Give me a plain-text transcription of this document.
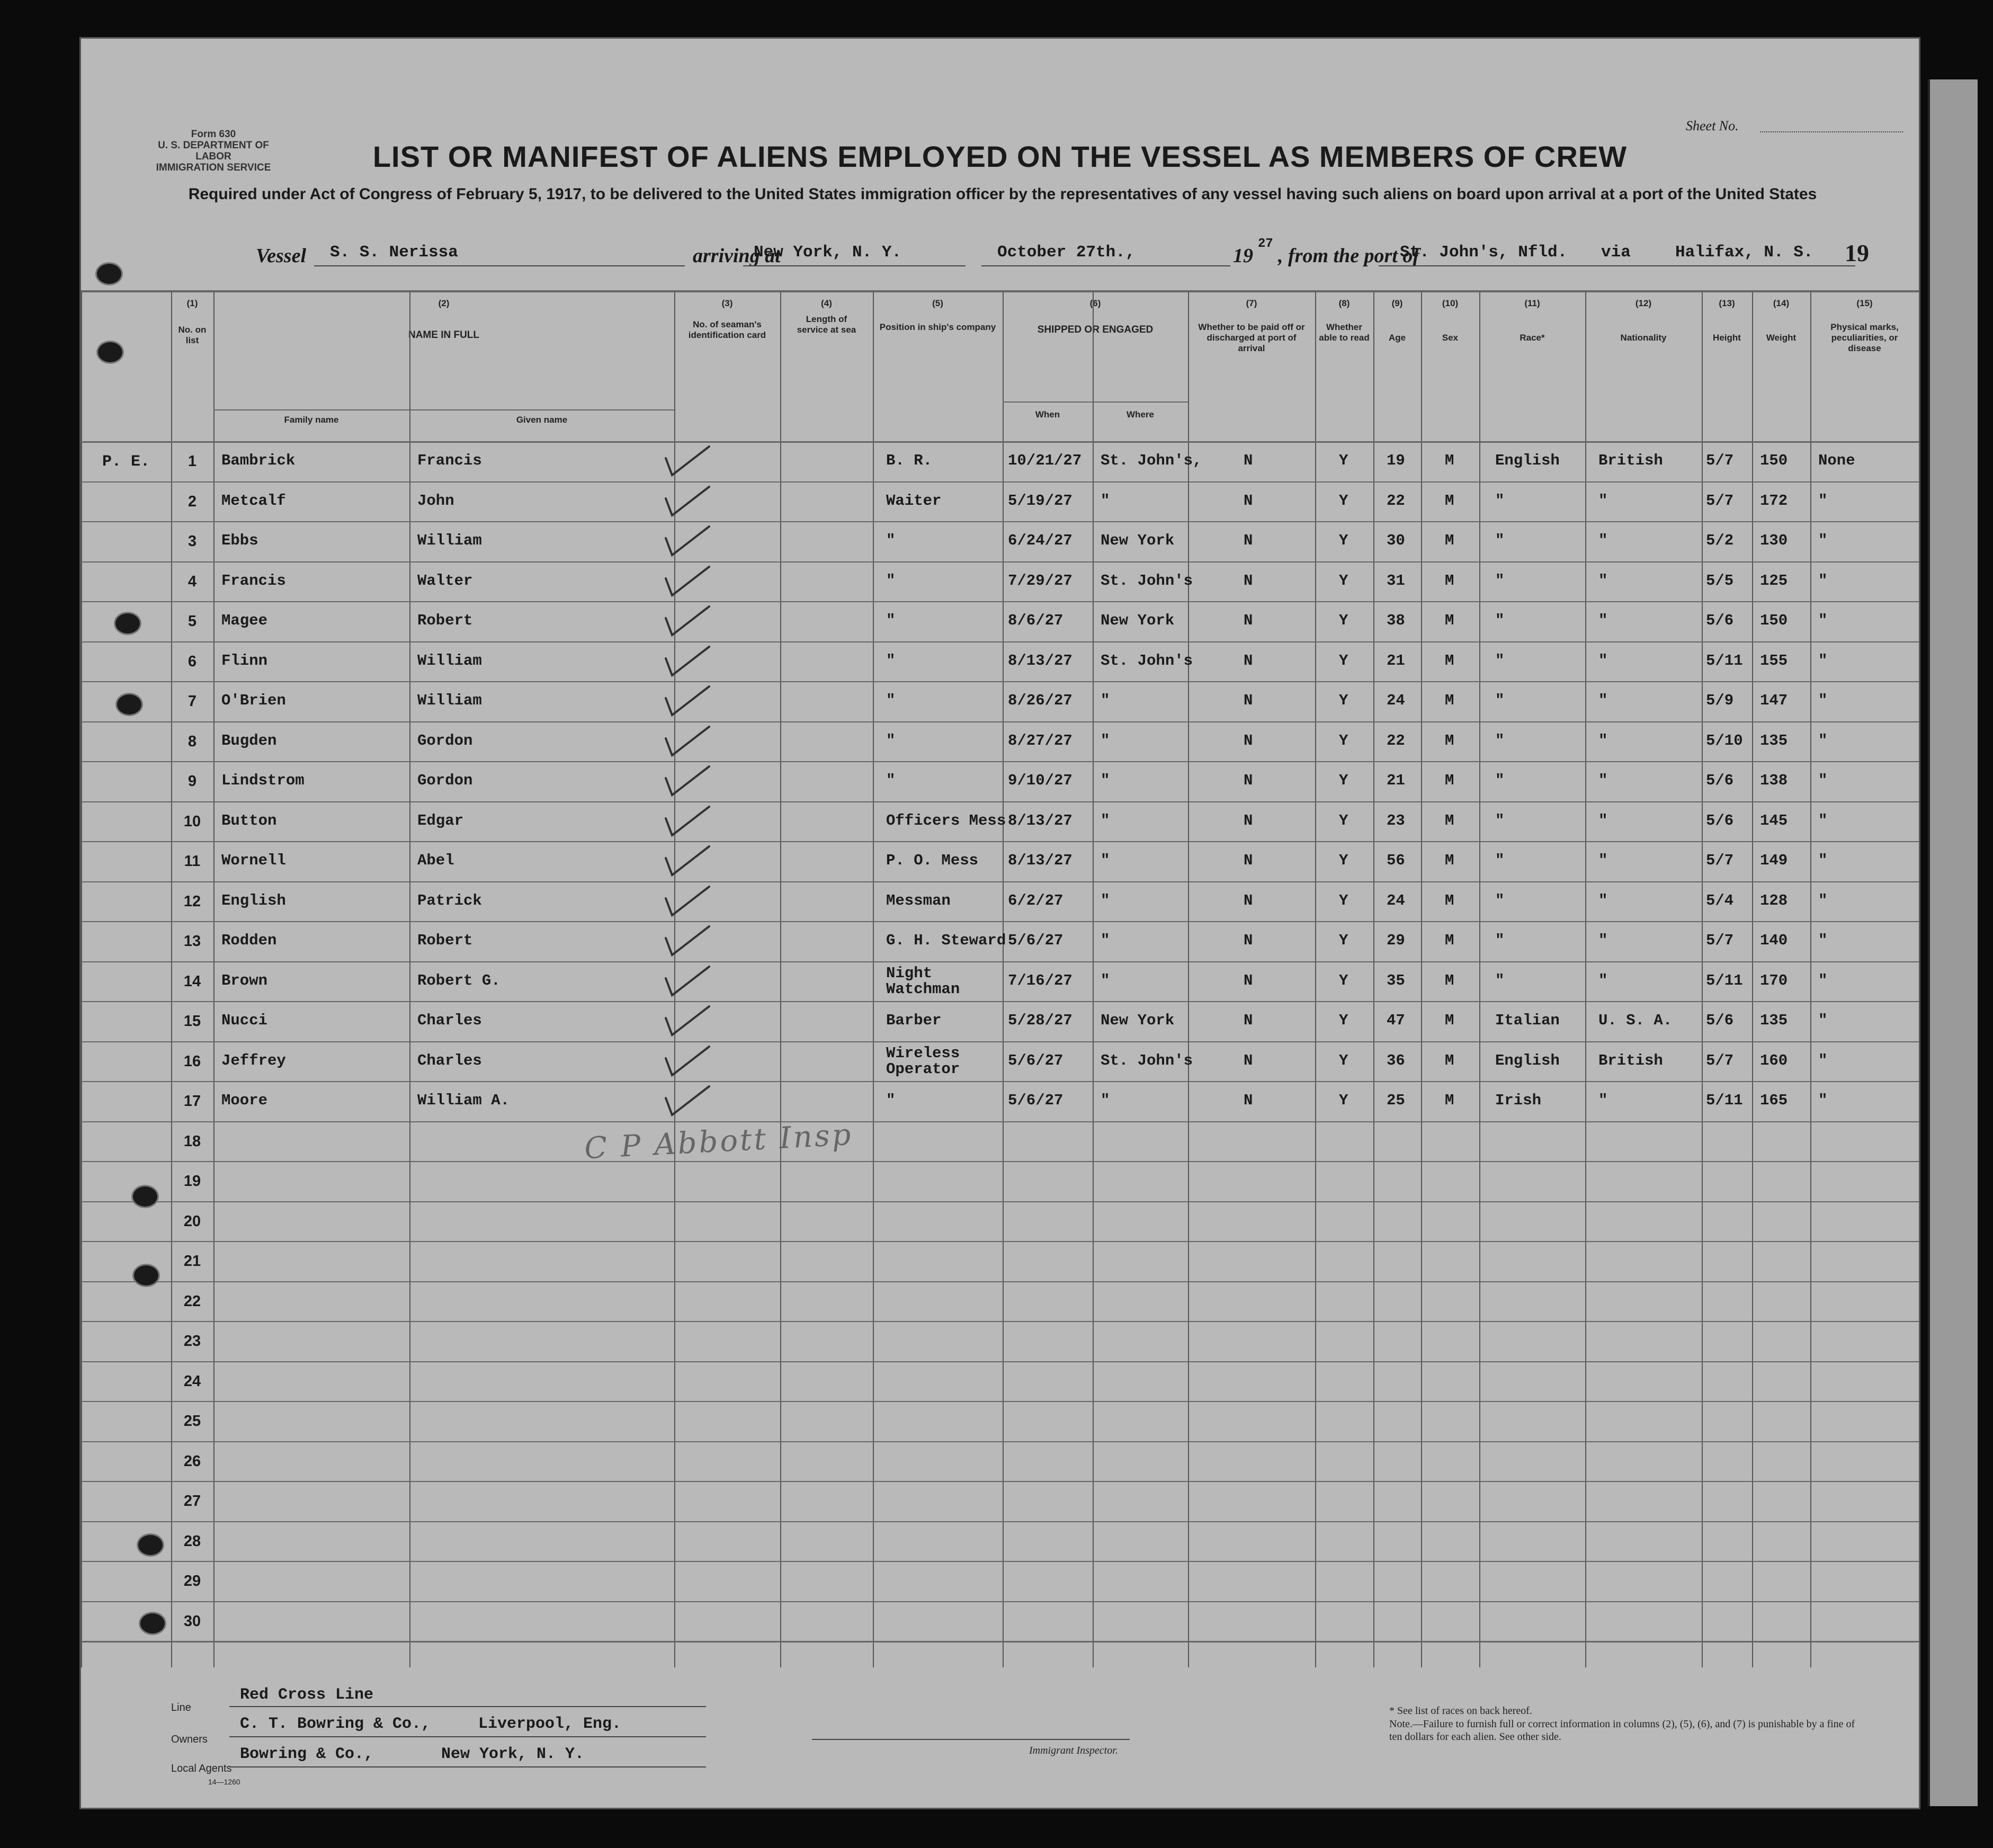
Form 630
U. S. DEPARTMENT OF LABOR
IMMIGRATION SERVICE
Sheet No.
LIST OR MANIFEST OF ALIENS EMPLOYED ON THE VESSEL AS MEMBERS OF CREW
Required under Act of Congress of February 5, 1917, to be delivered to the United States immigration officer by the representatives of any vessel having such aliens on board upon arrival at a port of the United States
Vessel S. S. Nerissa	arriving at
New York, N. Y.	October 27th.,	19
27
, from the port of
St. John's, Nfld. via	Halifax, N. S. 19
(1)
No. on list
(2)
NAME IN FULL
Family name	Given name
(3)
No. of seaman's identification card
(4)
Length of service at sea
(5)
Position in ship's company
(6)
SHIPPED OR ENGAGED
When	Where
(7)
Whether to be paid off or discharged at port of arrival
(8)
Whether able to read
(9)
Age
(10)
Sex
(11)
Race*
(12)
Nationality
(13)
Height
(14)
Weight
(15)
Physical marks, peculiarities, or disease
C P Abbott Insp
1	Bambrick	Francis	B. R.	10/21/27 St. John's,	N	Y	19	M	English	British	5/7 150 None
2	Metcalf	John	Waiter	5/19/27 "	N	Y	22	M	"	"	5/7 172 "
3	Ebbs	William	"	6/24/27 New York	N	Y	30	M	"	"	5/2 130 "
4	Francis	Walter	"	7/29/27 St. John's	N	Y	31	M	"	"	5/5 125 "
5	Magee	Robert	"	8/6/27 New York	N	Y	38	M	"	"	5/6 150 "
6	Flinn	William	"	8/13/27 St. John's	N	Y	21	M	"	"	5/11 155 "
7	O'Brien	William	"	8/26/27 "	N	Y	24	M	"	"	5/9 147 "
8	Bugden	Gordon	"	8/27/27 "	N	Y	22	M	"	"	5/10 135 "
9	Lindstrom	Gordon	"	9/10/27 "	N	Y	21	M	"	"	5/6 138 "
10	Button	Edgar	Officers Mess 8/13/27 "	N	Y	23	M	"	"	5/6 145 "
11	Wornell	Abel	P. O. Mess 8/13/27 "	N	Y	56	M	"	"	5/7 149 "
12	English	Patrick	Messman	6/2/27 "	N	Y	24	M	"	"	5/4 128 "
13	Rodden	Robert	G. H. Steward 5/6/27 "	N	Y	29	M	"	"	5/7 140 "
14	Brown	Robert G.	Night Watchman	7/16/27 "	N	Y	35	M	"	"	5/11 170 "
15	Nucci	Charles	Barber	5/28/27 New York	N	Y	47	M	Italian	U. S. A. 5/6 135 "
16	Jeffrey	Charles	Wireless Operator	5/6/27 St. John's	N	Y	36	M	English	British	5/7 160 "
17	Moore	William A.	"	5/6/27 "	N	Y	25	M	Irish	"	5/11 165 "
18
19
20
21
22
23
24
25
26
27
28
29
30
P. E.
Line
Red Cross Line
Owners
C. T. Bowring & Co.,	Liverpool, Eng.
Local Agents
Bowring & Co.,	New York, N. Y.
14—1260
Immigrant Inspector.
* See list of races on back hereof.
Note.—Failure to furnish full or correct information in columns (2), (5), (6), and (7) is punishable by a fine of ten dollars for each alien. See other side.
